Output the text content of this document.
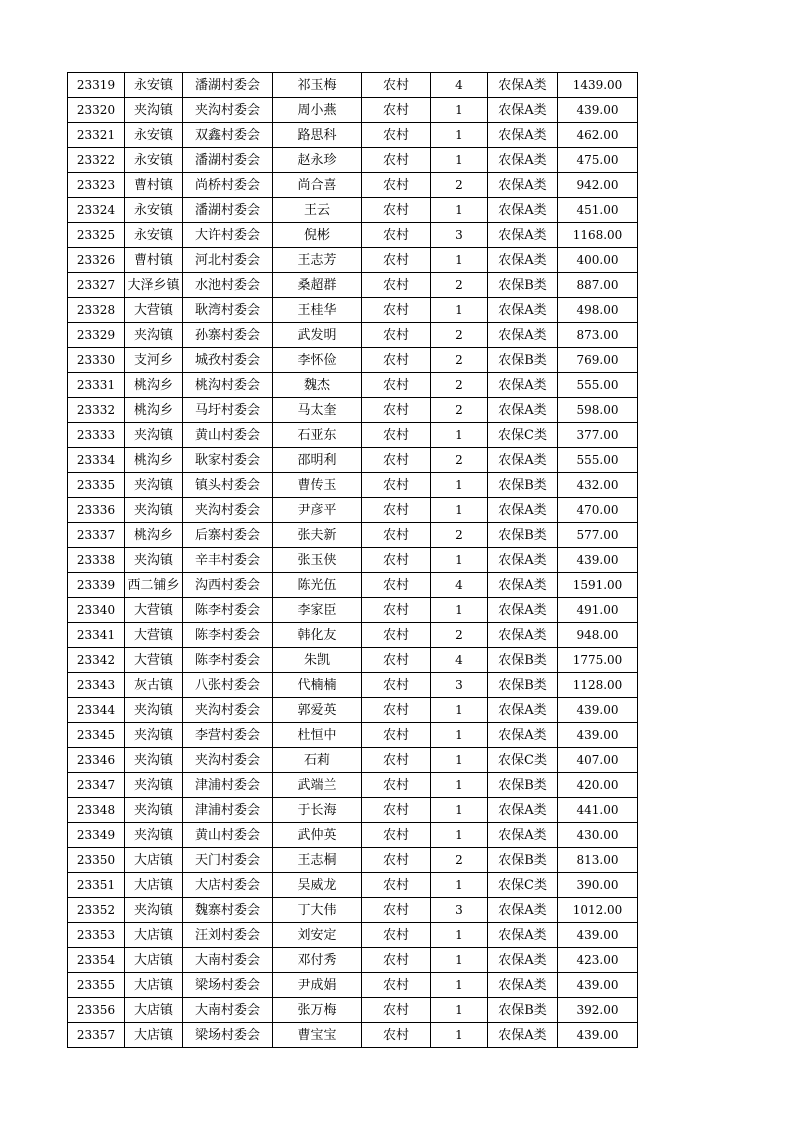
23319	永安镇	潘湖村委会	祁玉梅	农村	4	农保A类	1439.00
23320	夹沟镇	夹沟村委会	周小燕	农村	1	农保A类	439.00
23321	永安镇	双鑫村委会	路思科	农村	1	农保A类	462.00
23322	永安镇	潘湖村委会	赵永珍	农村	1	农保A类	475.00
23323	曹村镇	尚桥村委会	尚合喜	农村	2	农保A类	942.00
23324	永安镇	潘湖村委会	王云	农村	1	农保A类	451.00
23325	永安镇	大许村委会	倪彬	农村	3	农保A类	1168.00
23326	曹村镇	河北村委会	王志芳	农村	1	农保A类	400.00
23327	大泽乡镇	水池村委会	桑超群	农村	2	农保B类	887.00
23328	大营镇	耿湾村委会	王桂华	农村	1	农保A类	498.00
23329	夹沟镇	孙寨村委会	武发明	农村	2	农保A类	873.00
23330	支河乡	城孜村委会	李怀俭	农村	2	农保B类	769.00
23331	桃沟乡	桃沟村委会	魏杰	农村	2	农保A类	555.00
23332	桃沟乡	马圩村委会	马太奎	农村	2	农保A类	598.00
23333	夹沟镇	黄山村委会	石亚东	农村	1	农保C类	377.00
23334	桃沟乡	耿家村委会	邵明利	农村	2	农保A类	555.00
23335	夹沟镇	镇头村委会	曹传玉	农村	1	农保B类	432.00
23336	夹沟镇	夹沟村委会	尹彦平	农村	1	农保A类	470.00
23337	桃沟乡	后寨村委会	张夫新	农村	2	农保B类	577.00
23338	夹沟镇	辛丰村委会	张玉侠	农村	1	农保A类	439.00
23339	西二铺乡	沟西村委会	陈光伍	农村	4	农保A类	1591.00
23340	大营镇	陈李村委会	李家臣	农村	1	农保A类	491.00
23341	大营镇	陈李村委会	韩化友	农村	2	农保A类	948.00
23342	大营镇	陈李村委会	朱凯	农村	4	农保B类	1775.00
23343	灰古镇	八张村委会	代楠楠	农村	3	农保B类	1128.00
23344	夹沟镇	夹沟村委会	郭爱英	农村	1	农保A类	439.00
23345	夹沟镇	李营村委会	杜恒中	农村	1	农保A类	439.00
23346	夹沟镇	夹沟村委会	石莉	农村	1	农保C类	407.00
23347	夹沟镇	津浦村委会	武端兰	农村	1	农保B类	420.00
23348	夹沟镇	津浦村委会	于长海	农村	1	农保A类	441.00
23349	夹沟镇	黄山村委会	武仲英	农村	1	农保A类	430.00
23350	大店镇	天门村委会	王志桐	农村	2	农保B类	813.00
23351	大店镇	大店村委会	吴威龙	农村	1	农保C类	390.00
23352	夹沟镇	魏寨村委会	丁大伟	农村	3	农保A类	1012.00
23353	大店镇	汪刘村委会	刘安定	农村	1	农保A类	439.00
23354	大店镇	大南村委会	邓付秀	农村	1	农保A类	423.00
23355	大店镇	梁场村委会	尹成娟	农村	1	农保A类	439.00
23356	大店镇	大南村委会	张万梅	农村	1	农保B类	392.00
23357	大店镇	梁场村委会	曹宝宝	农村	1	农保A类	439.00
